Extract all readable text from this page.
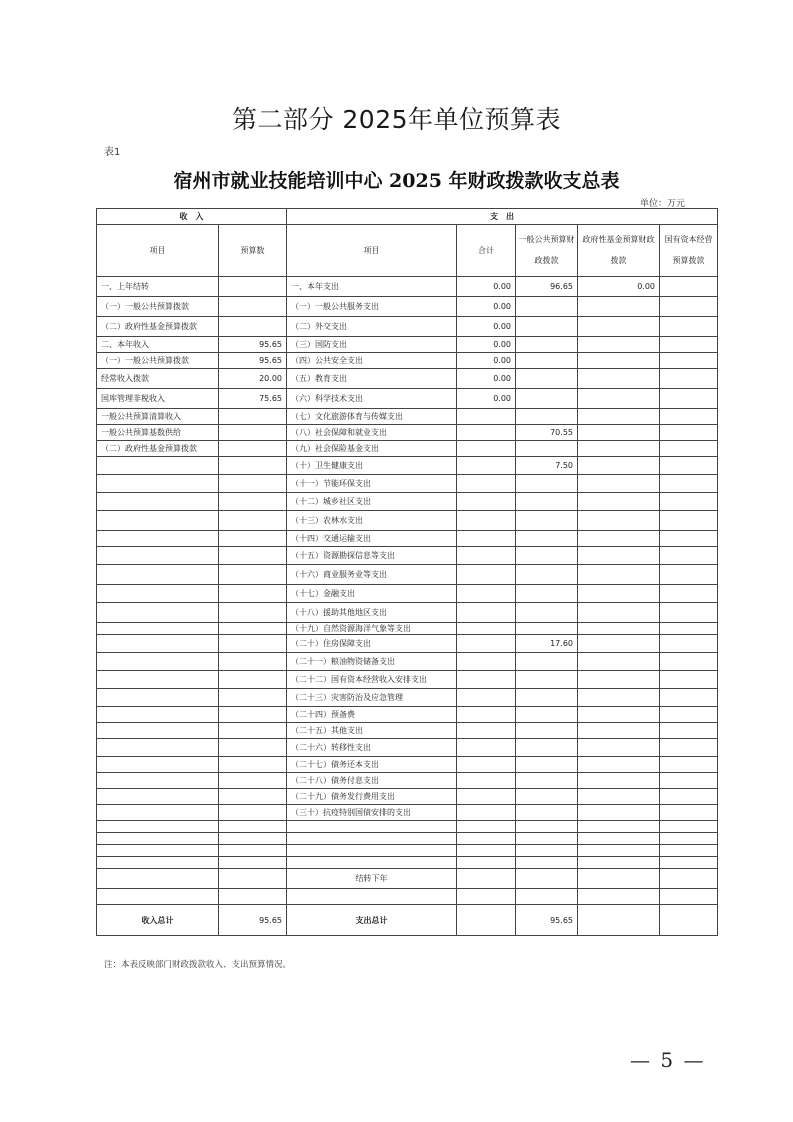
第二部分 2025年单位预算表
表1
宿州市就业技能培训中心 2025 年财政拨款收支总表
单位：万元
收　入		支　出				
项目	预算数	项目	合计	一般公共预算财政拨款	政府性基金预算财政拨款	国有资本经营预算拨款
一、上年结转		一、本年支出	0.00	96.65	0.00	
（一）一般公共预算拨款		（一）一般公共服务支出	0.00			
（二）政府性基金预算拨款		（二）外交支出	0.00			
二、本年收入	95.65	（三）国防支出	0.00			
（一）一般公共预算拨款	95.65	（四）公共安全支出	0.00			
经常收入拨款	20.00	（五）教育支出	0.00			
国库管理非税收入	75.65	（六）科学技术支出	0.00			
一般公共预算清算收入		（七）文化旅游体育与传媒支出				
一般公共预算基数供给		（八）社会保障和就业支出		70.55		
（二）政府性基金预算拨款		（九）社会保险基金支出				
		（十）卫生健康支出		7.50		
		（十一）节能环保支出				
		（十二）城乡社区支出				
		（十三）农林水支出				
		（十四）交通运输支出				
		（十五）资源勘探信息等支出				
		（十六）商业服务业等支出				
		（十七）金融支出				
		（十八）援助其他地区支出				
		（十九）自然资源海洋气象等支出				
		（二十）住房保障支出		17.60		
		（二十一）粮油物资储备支出				
		（二十二）国有资本经营收入安排支出				
		（二十三）灾害防治及应急管理				
		（二十四）预备费				
		（二十五）其他支出				
		（二十六）转移性支出				
		（二十七）债务还本支出				
		（二十八）债务付息支出				
		（二十九）债务发行费用支出				
		（三十）抗疫特别国债安排的支出				

		结转下年				

收入总计	95.65	支出总计		95.65		
注：本表反映部门财政拨款收入、支出预算情况。
— 5 —
